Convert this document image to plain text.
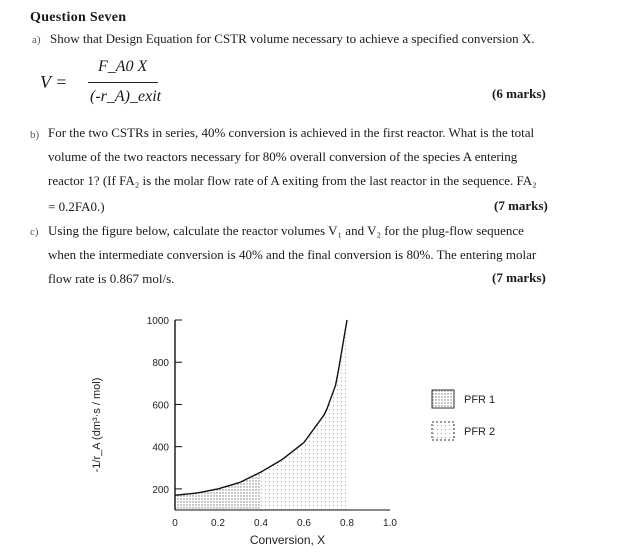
Question Seven
a) Show that Design Equation for CSTR volume necessary to achieve a specified conversion X.
V =
F_A0 X
(-r_A)_exit	(6 marks)
b) For the two CSTRs in series, 40% conversion is achieved in the first reactor. What is the total
volume of the two reactors necessary for 80% overall conversion of the species A entering
reactor 1? (If FA₂ is the molar flow rate of A exiting from the last reactor in the sequence. FA₂
= 0.2FA0.)	(7 marks)
c) Using the figure below, calculate the reactor volumes V₁ and V₂ for the plug-flow sequence
when the intermediate conversion is 40% and the final conversion is 80%. The entering molar
flow rate is 0.867 mol/s.	(7 marks)
200
400
600
800
1000
0	0.2	0.4	0.6	0.8	1.0
Conversion, X
-1/r_A (dm³·s / mol)	PFR 1
PFR 2
